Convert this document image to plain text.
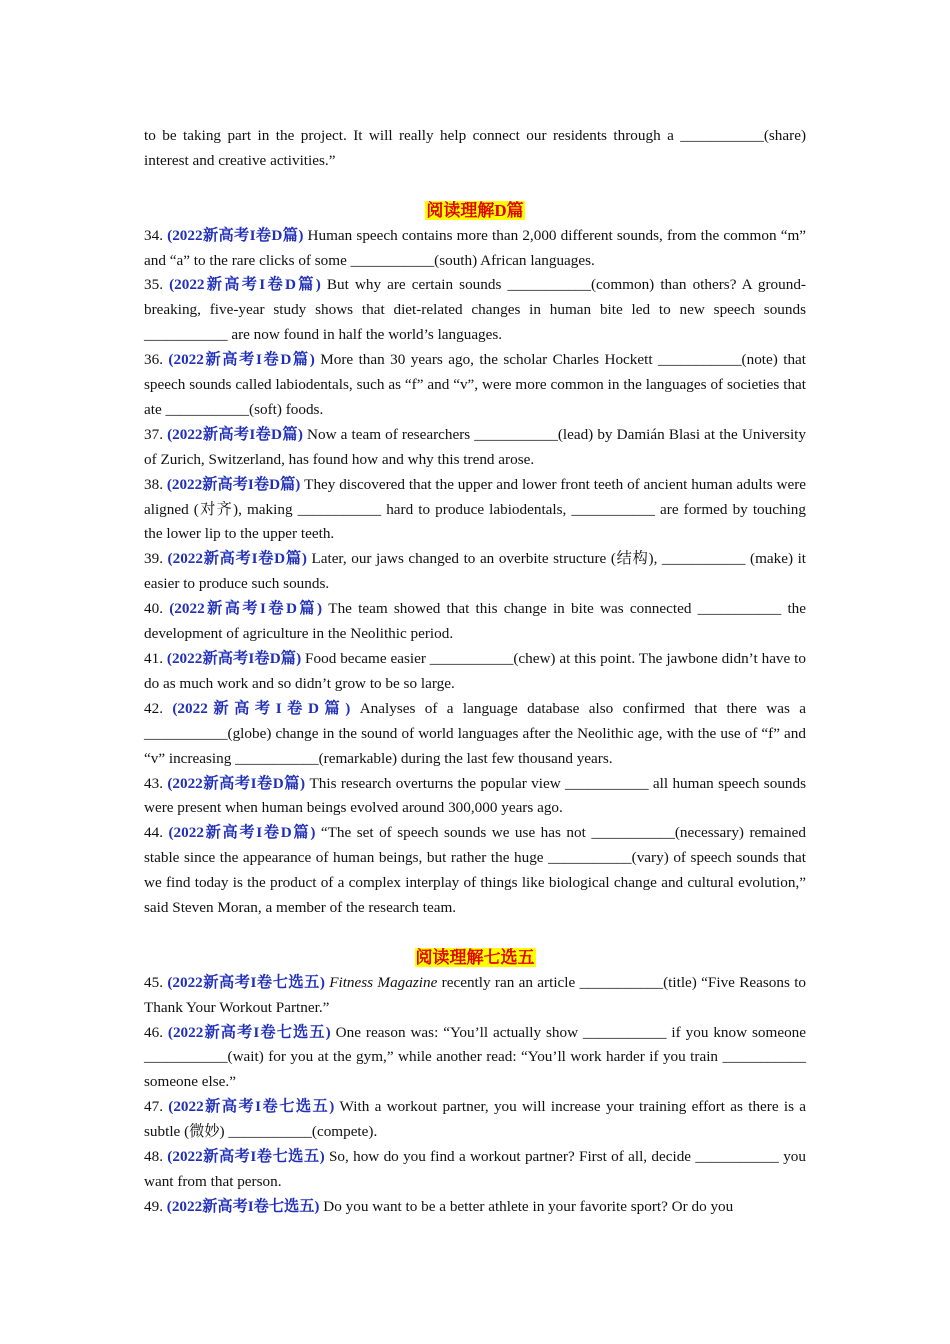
to be taking part in the project. It will really help connect our residents through a ___________(share) interest and creative activities.”

阅读理解D篇

34. (2022新高考I卷D篇) Human speech contains more than 2,000 different sounds, from the common “m” and “a” to the rare clicks of some ___________(south) African languages.

35. (2022新高考I卷D篇) But why are certain sounds ___________(common) than others? A ground-breaking, five-year study shows that diet-related changes in human bite led to new speech sounds ___________ are now found in half the world’s languages.

36. (2022新高考I卷D篇) More than 30 years ago, the scholar Charles Hockett ___________(note) that speech sounds called labiodentals, such as “f” and “v”, were more common in the languages of societies that ate ___________(soft) foods.

37. (2022新高考I卷D篇) Now a team of researchers ___________(lead) by Damián Blasi at the University of Zurich, Switzerland, has found how and why this trend arose.

38. (2022新高考I卷D篇) They discovered that the upper and lower front teeth of ancient human adults were aligned (对齐), making ___________ hard to produce labiodentals, ___________ are formed by touching the lower lip to the upper teeth.

39. (2022新高考I卷D篇) Later, our jaws changed to an overbite structure (结构), ___________ (make) it easier to produce such sounds.

40. (2022新高考I卷D篇) The team showed that this change in bite was connected ___________ the development of agriculture in the Neolithic period.

41. (2022新高考I卷D篇) Food became easier ___________(chew) at this point. The jawbone didn’t have to do as much work and so didn’t grow to be so large.

42. (2022新高考I卷D篇) Analyses of a language database also confirmed that there was a ___________(globe) change in the sound of world languages after the Neolithic age, with the use of “f” and “v” increasing ___________(remarkable) during the last few thousand years.

43. (2022新高考I卷D篇) This research overturns the popular view ___________ all human speech sounds were present when human beings evolved around 300,000 years ago.

44. (2022新高考I卷D篇) “The set of speech sounds we use has not ___________(necessary) remained stable since the appearance of human beings, but rather the huge ___________(vary) of speech sounds that we find today is the product of a complex interplay of things like biological change and cultural evolution,” said Steven Moran, a member of the research team.

阅读理解七选五

45. (2022新高考I卷七选五) Fitness Magazine recently ran an article ___________(title) “Five Reasons to Thank Your Workout Partner.”

46. (2022新高考I卷七选五) One reason was: “You’ll actually show ___________ if you know someone ___________(wait) for you at the gym,” while another read: “You’ll work harder if you train ___________ someone else.”

47. (2022新高考I卷七选五) With a workout partner, you will increase your training effort as there is a subtle (微妙) ___________(compete).

48. (2022新高考I卷七选五) So, how do you find a workout partner? First of all, decide ___________ you want from that person.

49. (2022新高考I卷七选五) Do you want to be a better athlete in your favorite sport? Or do you
